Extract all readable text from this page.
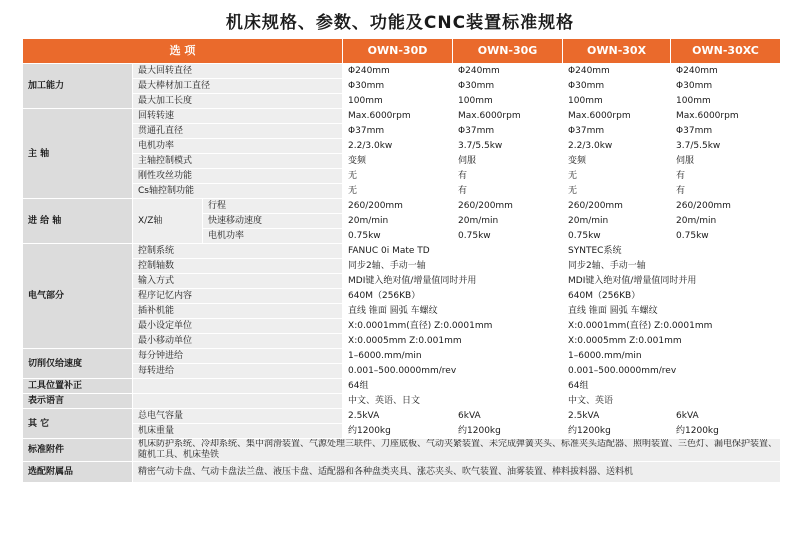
机床规格、参数、功能及CNC装置标准规格
选 项			OWN-30D	OWN-30G	OWN-30X	OWN-30XC
加工能力	最大回转直径		Φ240mm	Φ240mm	Φ240mm	Φ240mm
	最大棒材加工直径		Φ30mm	Φ30mm	Φ30mm	Φ30mm
	最大加工长度		100mm	100mm	100mm	100mm
主 轴	回转转速		Max.6000rpm	Max.6000rpm	Max.6000rpm	Max.6000rpm
	贯通孔直径		Φ37mm	Φ37mm	Φ37mm	Φ37mm
	电机功率		2.2/3.0kw	3.7/5.5kw	2.2/3.0kw	3.7/5.5kw
	主轴控制模式		变频	伺服	变频	伺服
	刚性攻丝功能		无	有	无	有
	Cs轴控制功能		无	有	无	有
进 给 轴	X/Z轴	行程	260/200mm	260/200mm	260/200mm	260/200mm
		快速移动速度	20m/min	20m/min	20m/min	20m/min
		电机功率	0.75kw	0.75kw	0.75kw	0.75kw
电气部分	控制系统		FANUC 0i Mate TD		SYNTEC系统	
	控制轴数		同步2轴、手动一轴		同步2轴、手动一轴	
	输入方式		MDI键入绝对值/增量值同时并用		MDI键入绝对值/增量值同时并用	
	程序记忆内容		640M（256KB）		640M（256KB）	
	插补机能		直线 锥面 圆弧 车螺纹		直线 锥面 圆弧 车螺纹	
	最小设定单位		X:0.0001mm(直径) Z:0.0001mm		X:0.0001mm(直径) Z:0.0001mm	
	最小移动单位		X:0.0005mm Z:0.001mm		X:0.0005mm Z:0.001mm	
切削仅给速度	每分钟进给		1–6000.mm/min		1–6000.mm/min	
	每转进给		0.001–500.0000mm/rev		0.001–500.0000mm/rev	
工具位置补正			64组		64组	
表示语言			中文、英语、日文		中文、英语	
其 它	总电气容量		2.5kVA	6kVA	2.5kVA	6kVA
	机床重量		约1200kg	约1200kg	约1200kg	约1200kg
标准附件	机床防护系统、冷却系统、集中润滑装置、气源处理三联件、刀座底板、气动夹紧装置、未完成弹簧夹头、标准夹头适配器、照明装置、三色灯、漏电保护装置、随机工具、机床垫铁					
选配附属品	精密气动卡盘、气动卡盘法兰盘、液压卡盘、适配器和各种盘类夹具、涨芯夹头、吹气装置、油雾装置、棒料拔料器、送料机					
